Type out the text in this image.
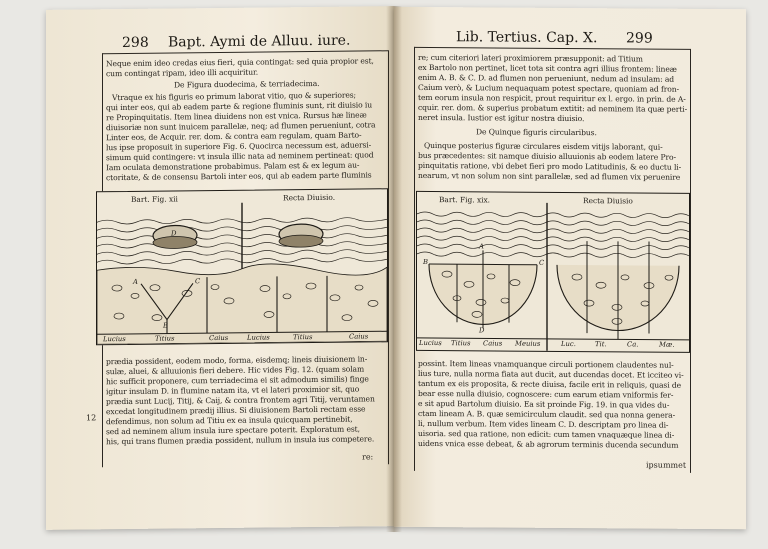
298 Bapt. Aymi de Alluu. iure.
Neque enim ideo credas eius fieri, quia contingat: sed quia propior est,
cum contingat ripam, ideo illi acquiritur.
De Figura duodecima, & terriadecima.
Vtraque ex his figuris eo primum laborat vitio, quo & superiores;
qui inter eos, qui ab eadem parte & regione fluminis sunt, rit diuisio iu
re Propinquitatis. Item linea diuidens non est vnica. Rursus hæ lineæ
diuisoriæ non sunt inuicem parallelæ, neq; ad flumen perueniunt, cotra
Linter eos, de Acquir. rer. dom. & contra eam regulam, quam Barto-
lus ipse proposuit in superiore Fig. 6. Quocirca necessum est, aduersi-
simum quid contingere: vt insula illic nata ad neminem pertineat: quod
Iam oculata demonstratione probabimus. Palam est & ex legum au-
ctoritate, & de consensu Bartoli inter eos, qui ab eadem parte fluminis
Bart. Fig. xii	Recta Diuisio.
D
A
B
C
Lucius	Titius	Caius	Lucius	Titius	Caius
prædia possident, eodem modo, forma, eisdemq; lineis diuisionem in-
sulæ, aluei, & alluuionis fieri debere. Hic vides Fig. 12. (quam solam
hic sufficit proponere, cum terriadecima ei sit admodum similis) finge
igitur insulam D. in flumine natam ita, vt ei lateri proximior sit, quo
prædia sunt Lucij, Titij, & Caij, & contra frontem agri Titij, veruntamen
excedat longitudinem prædij illius. Si diuisionem Bartoli rectam esse
defendimus, non solum ad Titiu ex ea insula quicquam pertinebit,
sed ad neminem alium insula iure spectare poterit. Exploratum est,
his, qui trans flumen prædia possident, nullum in insula ius competere.
12
re:
Lib. Tertius. Cap. X. 299
re; cum citeriori lateri proximiorem præsupponit: ad Titium
ex Bartolo non pertinet, licet tota sit contra agri illius frontem: lineæ
enim A. B. & C. D. ad flumen non perueniunt, nedum ad insulam: ad
Caium verò, & Lucium nequaquam potest spectare, quoniam ad fron-
tem eorum insula non respicit, prout requiritur ex l. ergo. in prin. de A-
cquir. rer. dom. & superius probatum extitit: ad neminem ita quæ perti-
neret insula. Iustior est igitur nostra diuisio.
De Quinque figuris circularibus.
Quinque posterius figuræ circulares eisdem vitijs laborant, qui-
bus præcedentes: sit namque diuisio alluuionis ab eodem latere Pro-
pinquitatis ratione, vbi debet fieri pro modo Latitudinis, & eo ductu li-
nearum, vt non solum non sint parallelæ, sed ad flumen vix peruenire
Bart. Fig. xix.	Recta Diuisio
A
B	C
D
Lucius Titius Caius Meuius	Luc.	Tit.	Ca.	Mæ.
possint. Item lineas vnamquanque circuli portionem claudentes nul-
lius ture, nulla norma fiata aut ducit, aut ducendas docet. Et icciteo vi-
tantum ex eis proposita, & recte diuisa, facile erit in reliquis, quasi de
bear esse nulla diuisio, cognoscere: cum earum etiam vniformis fer-
e sit apud Bartolum diuisio. Ea sit proinde Fig. 19. in qua vides du-
ctam lineam A. B. quæ semicirculum claudit. sed qua nonna genera-
li, nullum verbum. Item vides lineam C. D. descriptam pro linea di-
uisoria. sed qua ratione, non edicit: cum tamen vnaquæque linea di-
uidens vnica esse debeat, & ab agrorum terminis ducenda secundum
ipsummet
